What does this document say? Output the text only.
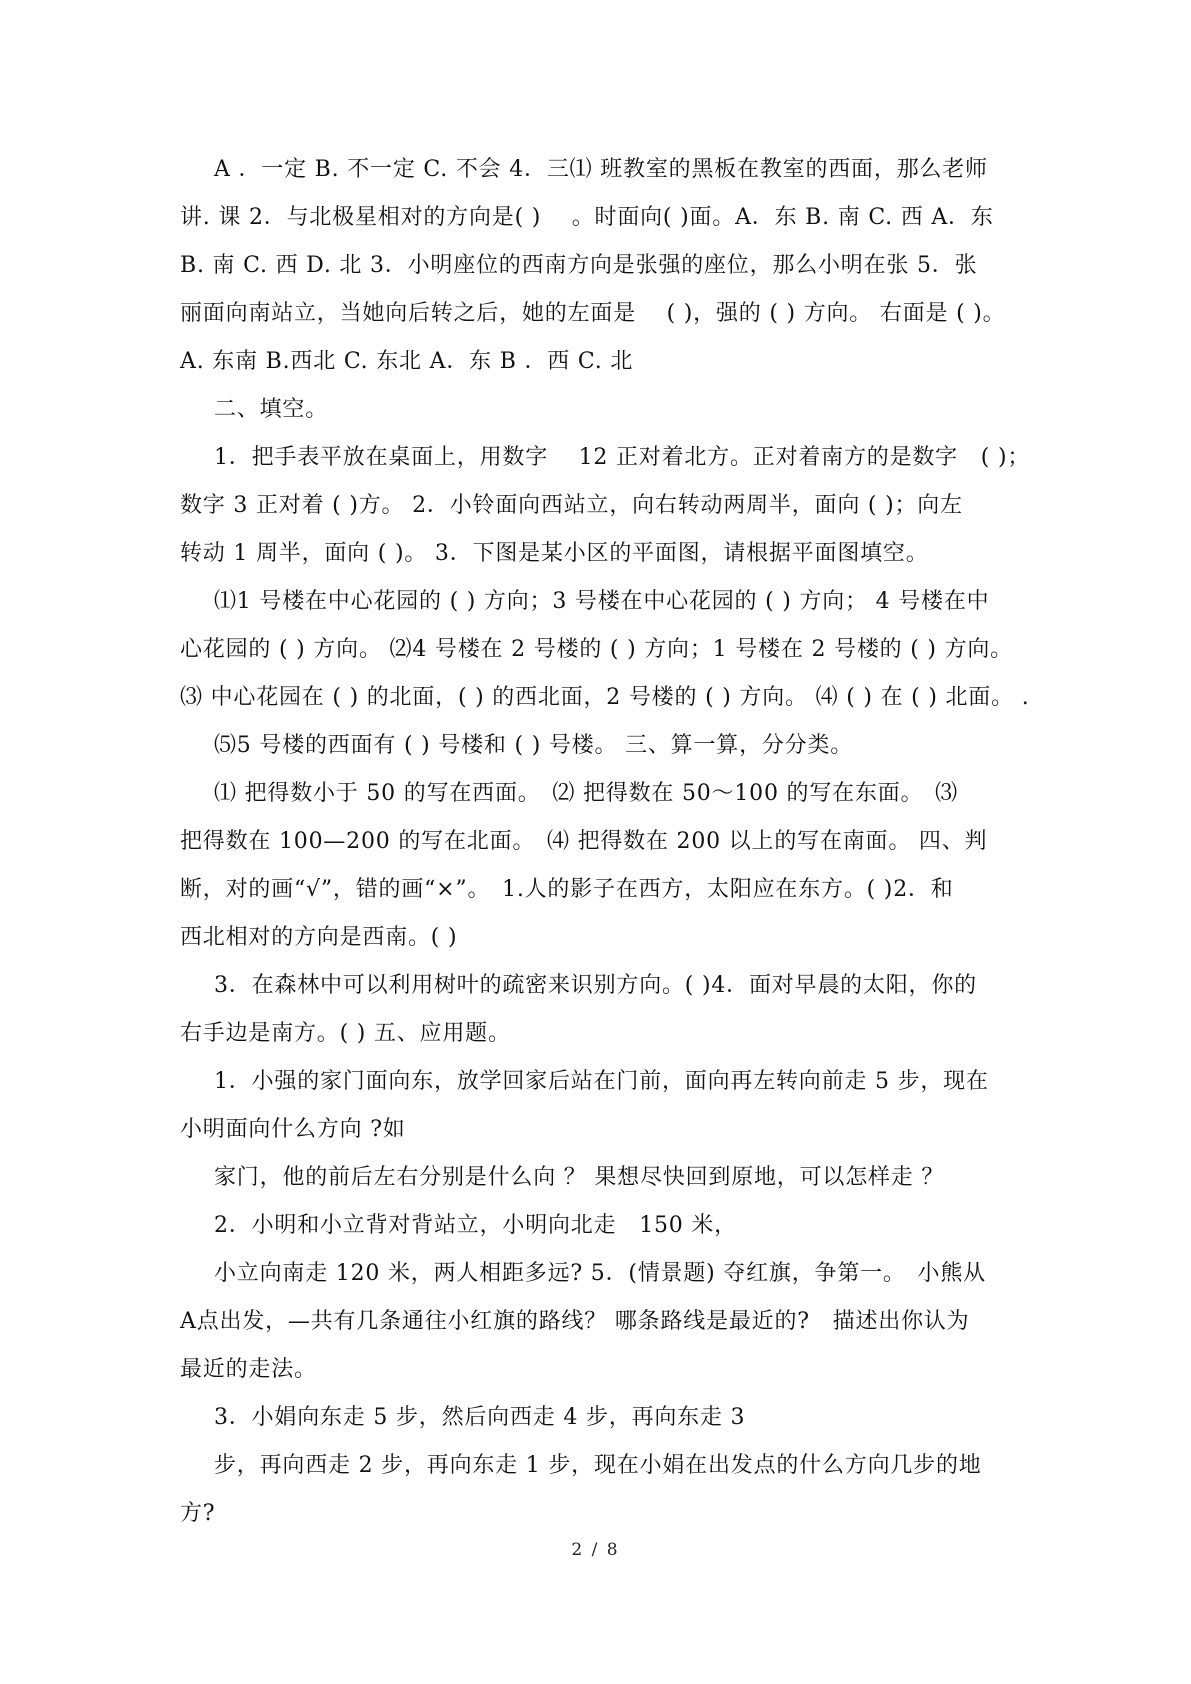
A ．一定 B. 不一定 C. 不会 4．三⑴ 班教室的黑板在教室的西面，那么老师
讲. 课 2．与北极星相对的方向是( )　 。时面向( )面。A．东 B. 南 C. 西 A．东
B. 南 C. 西 D. 北 3．小明座位的西南方向是张强的座位，那么小明在张 5．张
丽面向南站立，当她向后转之后，她的左面是　 ( )，强的 ( ) 方向。 右面是 ( )。
A. 东南 B.西北 C. 东北 A．东 B ．西 C. 北
二、填空。
1．把手表平放在桌面上，用数字　 12 正对着北方。正对着南方的是数字　( )；
数字 3 正对着 ( )方。 2．小铃面向西站立，向右转动两周半，面向 ( )；向左
转动 1 周半，面向 ( )。 3．下图是某小区的平面图，请根据平面图填空。
⑴1 号楼在中心花园的 ( ) 方向；3 号楼在中心花园的 ( ) 方向； 4 号楼在中
心花园的 ( ) 方向。 ⑵4 号楼在 2 号楼的 ( ) 方向；1 号楼在 2 号楼的 ( ) 方向。
⑶ 中心花园在 ( ) 的北面，( ) 的西北面，2 号楼的 ( ) 方向。 ⑷ ( ) 在 ( ) 北面。 .
⑸5 号楼的西面有 ( ) 号楼和 ( ) 号楼。 三、算一算，分分类。
⑴ 把得数小于 50 的写在西面。　⑵ 把得数在 50～100 的写在东面。　⑶
把得数在 100—200 的写在北面。　⑷ 把得数在 200 以上的写在南面。 四、判
断，对的画“√”，错的画“×”。　1.人的影子在西方，太阳应在东方。( )2．和
西北相对的方向是西南。( )
3．在森林中可以利用树叶的疏密来识别方向。( )4．面对早晨的太阳，你的
右手边是南方。( ) 五、应用题。
1．小强的家门面向东，放学回家后站在门前，面向再左转向前走 5 步，现在
小明面向什么方向 ?如
家门，他的前后左右分别是什么向 ？ 果想尽快回到原地，可以怎样走 ？
2．小明和小立背对背站立，小明向北走　150 米，
小立向南走 120 米，两人相距多远? 5．(情景题) 夺红旗，争第一。　小熊从
A点出发，—共有几条通往小红旗的路线？ 哪条路线是最近的?　描述出你认为
最近的走法。
3．小娟向东走 5 步，然后向西走 4 步，再向东走 3
步，再向西走 2 步，再向东走 1 步，现在小娟在出发点的什么方向几步的地
方?
2 / 8
